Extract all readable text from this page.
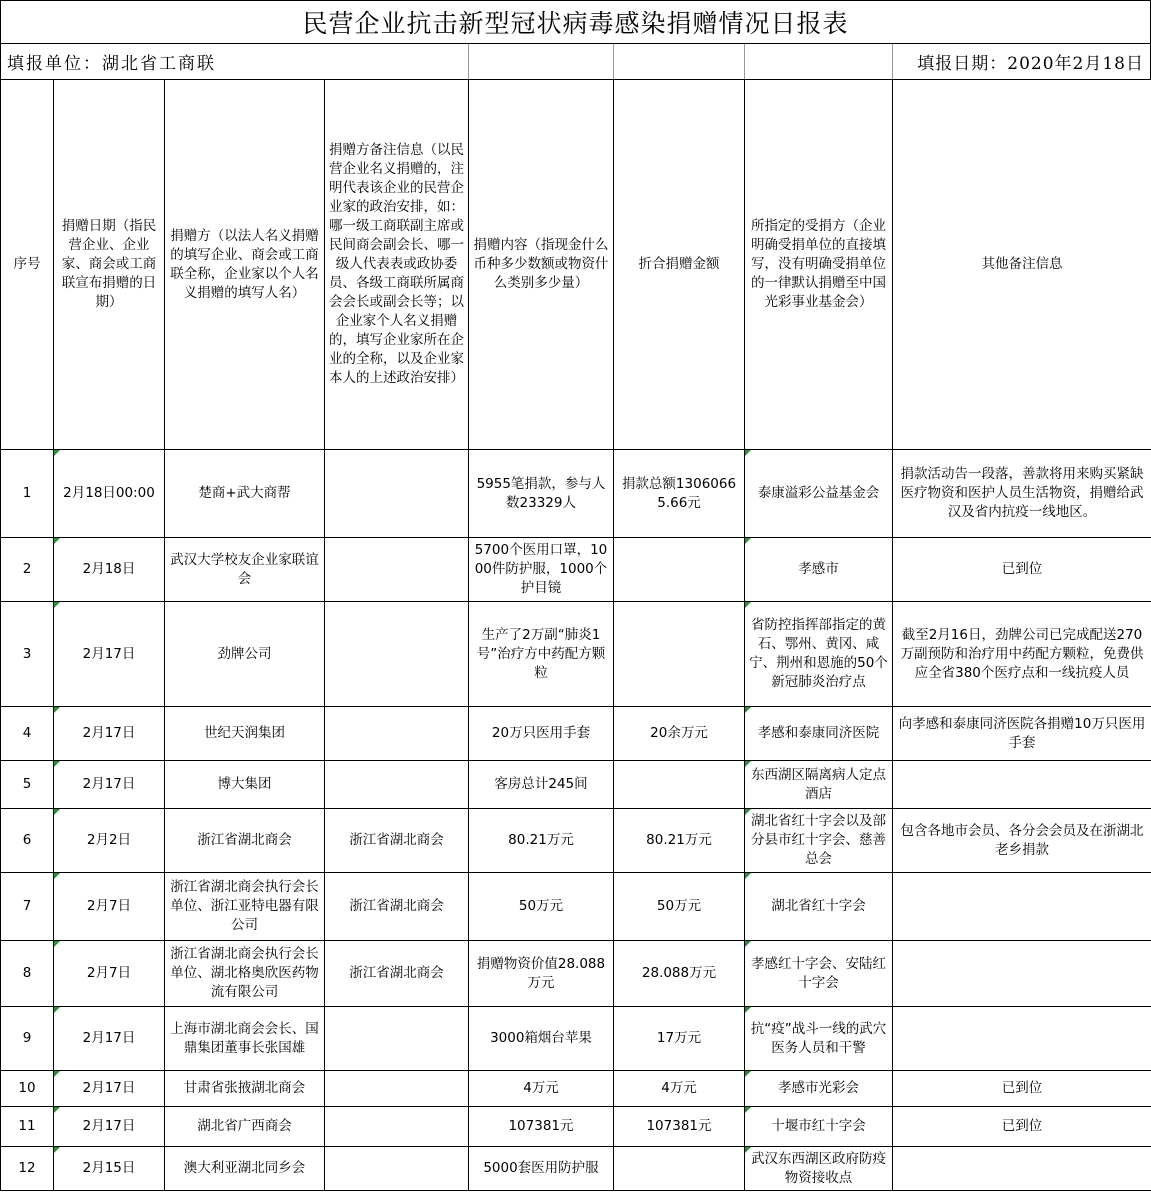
民营企业抗击新型冠状病毒感染捐赠情况日报表
填报单位：湖北省工商联	填报日期：2020年2月18日
序号	捐赠日期（指民营企业、企业家、商会或工商联宣布捐赠的日期）	捐赠方（以法人名义捐赠的填写企业、商会或工商联全称，企业家以个人名义捐赠的填写人名）	捐赠方备注信息（以民营企业名义捐赠的，注明代表该企业的民营企业家的政治安排，如：哪一级工商联副主席或民间商会副会长、哪一级人代表表或政协委员、各级工商联所属商会会长或副会长等；以企业家个人名义捐赠的，填写企业家所在企业的全称，以及企业家本人的上述政治安排）	捐赠内容（指现金什么币种多少数额或物资什么类别多少量）	折合捐赠金额	所指定的受捐方（企业明确受捐单位的直接填写，没有明确受捐单位的一律默认捐赠至中国光彩事业基金会）	其他备注信息
1	2月18日00:00	楚商+武大商帮		5955笔捐款，参与人数23329人	捐款总额13060665.66元	泰康溢彩公益基金会	捐款活动告一段落，善款将用来购买紧缺医疗物资和医护人员生活物资，捐赠给武汉及省内抗疫一线地区。
2	2月18日	武汉大学校友企业家联谊会		5700个医用口罩，1000件防护服，1000个护目镜		孝感市	已到位
3	2月17日	劲牌公司		生产了2万副“肺炎1号”治疗方中药配方颗粒		省防控指挥部指定的黄石、鄂州、黄冈、咸宁、荆州和恩施的50个新冠肺炎治疗点	截至2月16日，劲牌公司已完成配送270万副预防和治疗用中药配方颗粒，免费供应全省380个医疗点和一线抗疫人员
4	2月17日	世纪天润集团		20万只医用手套	20余万元	孝感和泰康同济医院	向孝感和泰康同济医院各捐赠10万只医用手套
5	2月17日	博大集团		客房总计245间		东西湖区隔离病人定点酒店	
6	2月2日	浙江省湖北商会	浙江省湖北商会	80.21万元	80.21万元	湖北省红十字会以及部分县市红十字会、慈善总会	包含各地市会员、各分会会员及在浙湖北老乡捐款
7	2月7日	浙江省湖北商会执行会长单位、浙江亚特电器有限公司	浙江省湖北商会	50万元	50万元	湖北省红十字会	
8	2月7日	浙江省湖北商会执行会长单位、湖北格奥欣医药物流有限公司	浙江省湖北商会	捐赠物资价值28.088万元	28.088万元	孝感红十字会、安陆红十字会	
9	2月17日	上海市湖北商会会长、国鼎集团董事长张国雄		3000箱烟台苹果	17万元	抗“疫”战斗一线的武穴医务人员和干警	
10	2月17日	甘肃省张掖湖北商会		4万元	4万元	孝感市光彩会	已到位
11	2月17日	湖北省广西商会		107381元	107381元	十堰市红十字会	已到位
12	2月15日	澳大利亚湖北同乡会		5000套医用防护服		武汉东西湖区政府防疫物资接收点	
